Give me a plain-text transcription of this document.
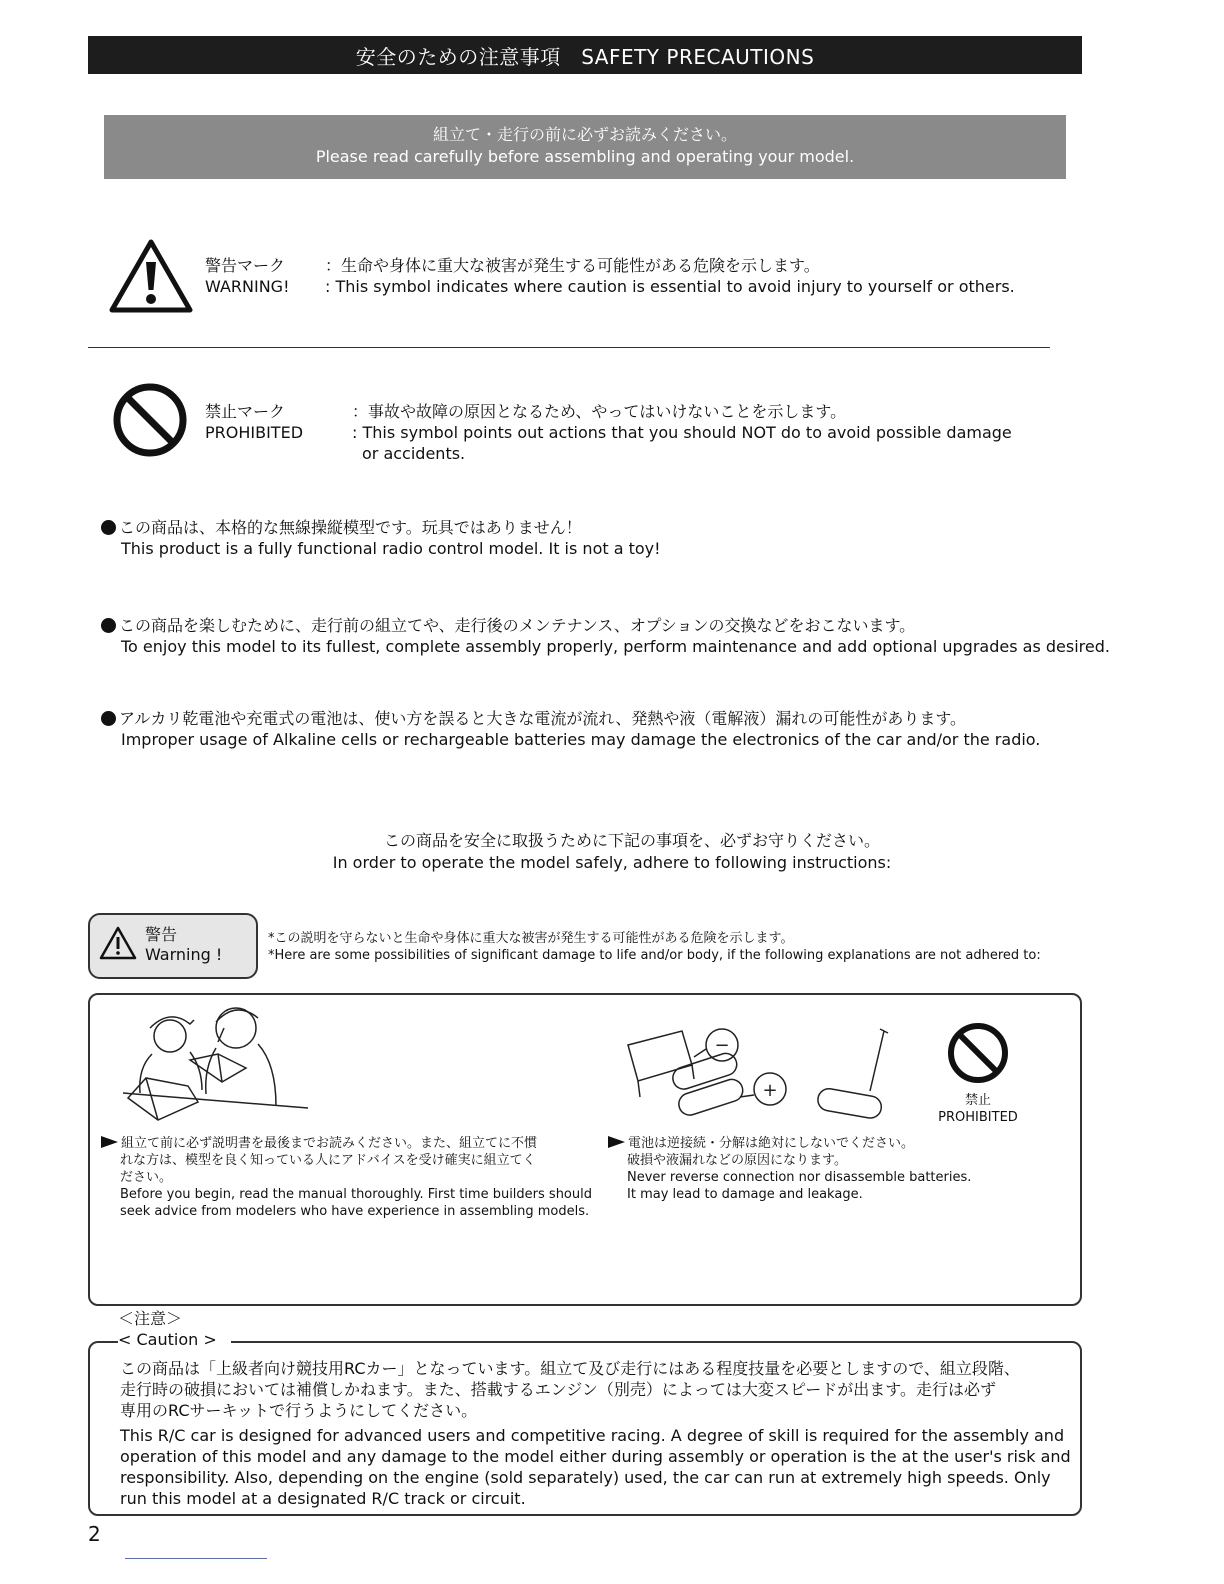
安全のための注意事項　SAFETY PRECAUTIONS
組立て・走行の前に必ずお読みください。
Please read carefully before assembling and operating your model.
警告マーク
WARNING!
：生命や身体に重大な被害が発生する可能性がある危険を示します。
: This symbol indicates where caution is essential to avoid injury to yourself or others.
禁止マーク
PROHIBITED
：事故や故障の原因となるため、やってはいけないことを示します。
: This symbol points out actions that you should NOT do to avoid possible damage
or accidents.
この商品は、本格的な無線操縦模型です。玩具ではありません！
This product is a fully functional radio control model. It is not a toy!
この商品を楽しむために、走行前の組立てや、走行後のメンテナンス、オプションの交換などをおこないます。
To enjoy this model to its fullest, complete assembly properly, perform maintenance and add optional upgrades as desired.
アルカリ乾電池や充電式の電池は、使い方を誤ると大きな電流が流れ、発熱や液（電解液）漏れの可能性があります。
Improper usage of Alkaline cells or rechargeable batteries may damage the electronics of the car and/or the radio.
この商品を安全に取扱うために下記の事項を、必ずお守りください。
In order to operate the model safely, adhere to following instructions:
警告
Warning !
*この説明を守らないと生命や身体に重大な被害が発生する可能性がある危険を示します。
*Here are some possibilities of significant damage to life and/or body, if the following explanations are not adhered to:
組立て前に必ず説明書を最後までお読みください。また、組立てに不慣
れな方は、模型を良く知っている人にアドバイスを受け確実に組立てく
ださい。
Before you begin, read the manual thoroughly. First time builders should
seek advice from modelers who have experience in assembling models.
−
+	禁止
PROHIBITED
電池は逆接続・分解は絶対にしないでください。
破損や液漏れなどの原因になります。
Never reverse connection nor disassemble batteries.
It may lead to damage and leakage.
＜注意＞
< Caution >
この商品は「上級者向け競技用RCカー」となっています。組立て及び走行にはある程度技量を必要としますので、組立段階、
走行時の破損においては補償しかねます。また、搭載するエンジン（別売）によっては大変スピードが出ます。走行は必ず
専用のRCサーキットで行うようにしてください。
This R/C car is designed for advanced users and competitive racing. A degree of skill is required for the assembly and
operation of this model and any damage to the model either during assembly or operation is the at the user's risk and
responsibility. Also, depending on the engine (sold separately) used, the car can run at extremely high speeds. Only
run this model at a designated R/C track or circuit.
2
